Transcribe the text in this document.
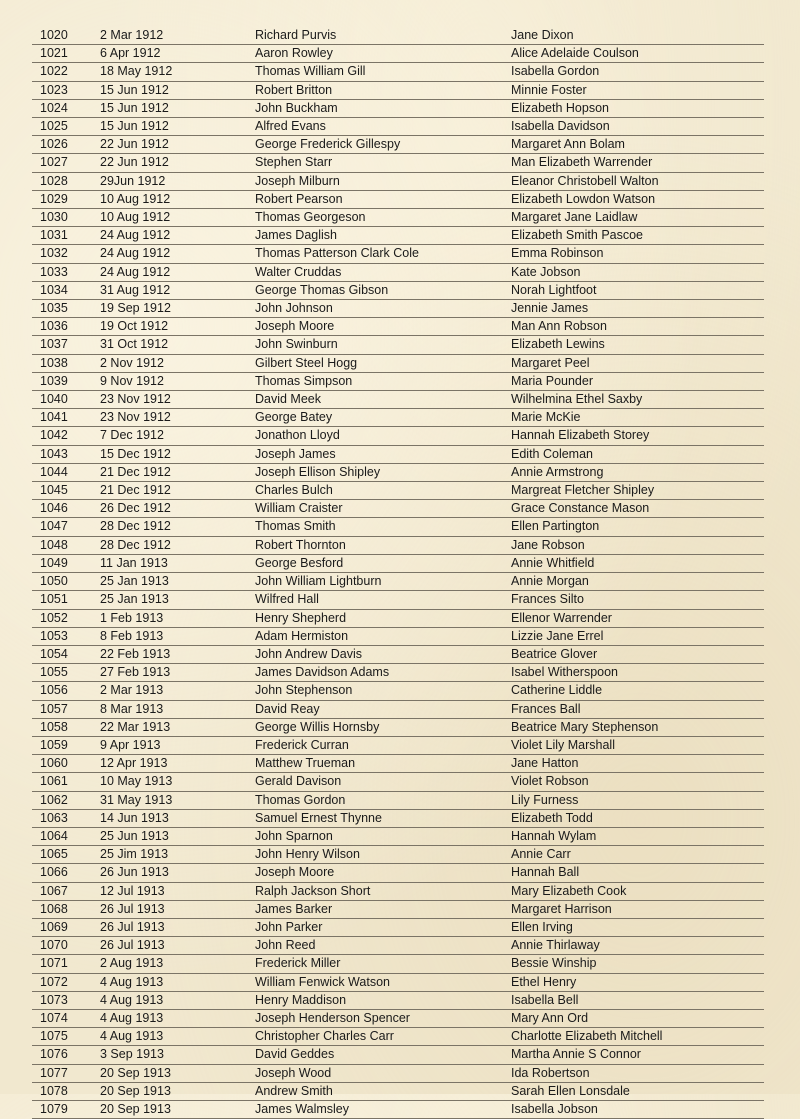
1020	2 Mar 1912	Richard Purvis	Jane Dixon
1021	6 Apr 1912	Aaron Rowley	Alice Adelaide Coulson
1022	18 May 1912	Thomas William Gill	Isabella Gordon
1023	15 Jun 1912	Robert Britton	Minnie Foster
1024	15 Jun 1912	John Buckham	Elizabeth Hopson
1025	15 Jun 1912	Alfred Evans	Isabella Davidson
1026	22 Jun 1912	George Frederick Gillespy	Margaret Ann Bolam
1027	22 Jun 1912	Stephen Starr	Man Elizabeth Warrender
1028	29Jun 1912	Joseph Milburn	Eleanor Christobell Walton
1029	10 Aug 1912	Robert Pearson	Elizabeth Lowdon Watson
1030	10 Aug 1912	Thomas Georgeson	Margaret Jane Laidlaw
1031	24 Aug 1912	James Daglish	Elizabeth Smith Pascoe
1032	24 Aug 1912	Thomas Patterson Clark Cole	Emma Robinson
1033	24 Aug 1912	Walter Cruddas	Kate Jobson
1034	31 Aug 1912	George Thomas Gibson	Norah Lightfoot
1035	19 Sep 1912	John Johnson	Jennie James
1036	19 Oct 1912	Joseph Moore	Man Ann Robson
1037	31 Oct 1912	John Swinburn	Elizabeth Lewins
1038	2 Nov 1912	Gilbert Steel Hogg	Margaret Peel
1039	9 Nov 1912	Thomas Simpson	Maria Pounder
1040	23 Nov 1912	David Meek	Wilhelmina Ethel Saxby
1041	23 Nov 1912	George Batey	Marie McKie
1042	7 Dec 1912	Jonathon Lloyd	Hannah Elizabeth Storey
1043	15 Dec 1912	Joseph James	Edith Coleman
1044	21 Dec 1912	Joseph Ellison Shipley	Annie Armstrong
1045	21 Dec 1912	Charles Bulch	Margreat Fletcher Shipley
1046	26 Dec 1912	William Craister	Grace Constance Mason
1047	28 Dec 1912	Thomas Smith	Ellen Partington
1048	28 Dec 1912	Robert Thornton	Jane Robson
1049	11 Jan 1913	George Besford	Annie Whitfield
1050	25 Jan 1913	John William Lightburn	Annie Morgan
1051	25 Jan 1913	Wilfred Hall	Frances Silto
1052	1 Feb 1913	Henry Shepherd	Ellenor Warrender
1053	8 Feb 1913	Adam Hermiston	Lizzie Jane Errel
1054	22 Feb 1913	John Andrew Davis	Beatrice Glover
1055	27 Feb 1913	James Davidson Adams	Isabel Witherspoon
1056	2 Mar 1913	John Stephenson	Catherine Liddle
1057	8 Mar 1913	David Reay	Frances Ball
1058	22 Mar 1913	George Willis Hornsby	Beatrice Mary Stephenson
1059	9 Apr 1913	Frederick Curran	Violet Lily Marshall
1060	12 Apr 1913	Matthew Trueman	Jane Hatton
1061	10 May 1913	Gerald Davison	Violet Robson
1062	31 May 1913	Thomas Gordon	Lily Furness
1063	14 Jun 1913	Samuel Ernest Thynne	Elizabeth Todd
1064	25 Jun 1913	John Sparnon	Hannah Wylam
1065	25 Jim 1913	John Henry Wilson	Annie Carr
1066	26 Jun 1913	Joseph Moore	Hannah Ball
1067	12 Jul 1913	Ralph Jackson Short	Mary Elizabeth Cook
1068	26 Jul 1913	James Barker	Margaret Harrison
1069	26 Jul 1913	John Parker	Ellen Irving
1070	26 Jul 1913	John Reed	Annie Thirlaway
1071	2 Aug 1913	Frederick Miller	Bessie Winship
1072	4 Aug 1913	William Fenwick Watson	Ethel Henry
1073	4 Aug 1913	Henry Maddison	Isabella Bell
1074	4 Aug 1913	Joseph Henderson Spencer	Mary Ann Ord
1075	4 Aug 1913	Christopher Charles Carr	Charlotte Elizabeth Mitchell
1076	3 Sep 1913	David Geddes	Martha Annie S Connor
1077	20 Sep 1913	Joseph Wood	Ida Robertson
1078	20 Sep 1913	Andrew Smith	Sarah Ellen Lonsdale
1079	20 Sep 1913	James Walmsley	Isabella Jobson
